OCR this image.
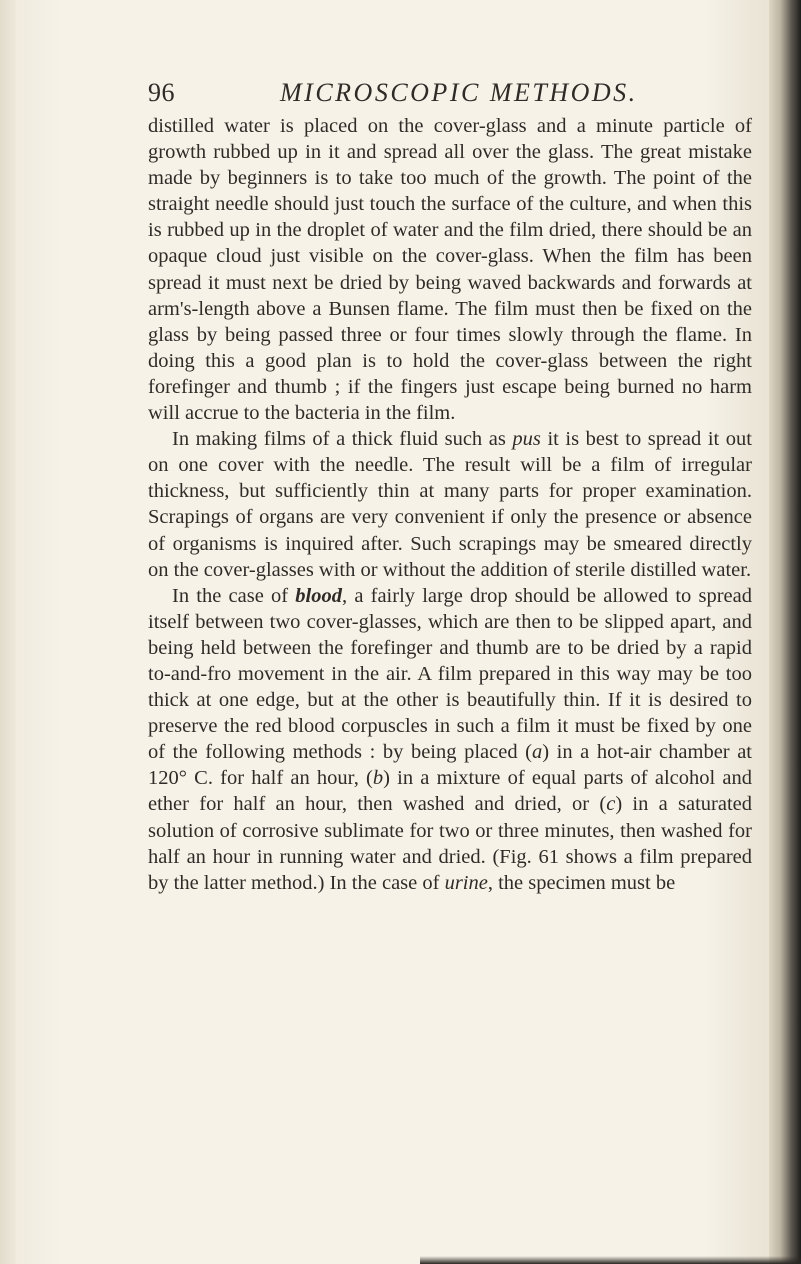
96	MICROSCOPIC METHODS.

distilled water is placed on the cover-glass and a minute particle of growth rubbed up in it and spread all over the glass. The great mistake made by beginners is to take too much of the growth. The point of the straight needle should just touch the surface of the culture, and when this is rubbed up in the droplet of water and the film dried, there should be an opaque cloud just visible on the cover-glass. When the film has been spread it must next be dried by being waved backwards and forwards at arm's-length above a Bunsen flame. The film must then be fixed on the glass by being passed three or four times slowly through the flame. In doing this a good plan is to hold the cover-glass between the right forefinger and thumb ; if the fingers just escape being burned no harm will accrue to the bacteria in the film.

In making films of a thick fluid such as pus it is best to spread it out on one cover with the needle. The result will be a film of irregular thickness, but sufficiently thin at many parts for proper examination. Scrapings of organs are very convenient if only the presence or absence of organisms is inquired after. Such scrapings may be smeared directly on the cover-glasses with or without the addition of sterile distilled water.

In the case of blood, a fairly large drop should be allowed to spread itself between two cover-glasses, which are then to be slipped apart, and being held between the forefinger and thumb are to be dried by a rapid to-and-fro movement in the air. A film prepared in this way may be too thick at one edge, but at the other is beautifully thin. If it is desired to preserve the red blood corpuscles in such a film it must be fixed by one of the following methods : by being placed (a) in a hot-air chamber at 120° C. for half an hour, (b) in a mixture of equal parts of alcohol and ether for half an hour, then washed and dried, or (c) in a saturated solution of corrosive sublimate for two or three minutes, then washed for half an hour in running water and dried. (Fig. 61 shows a film prepared by the latter method.) In the case of urine, the specimen must be
